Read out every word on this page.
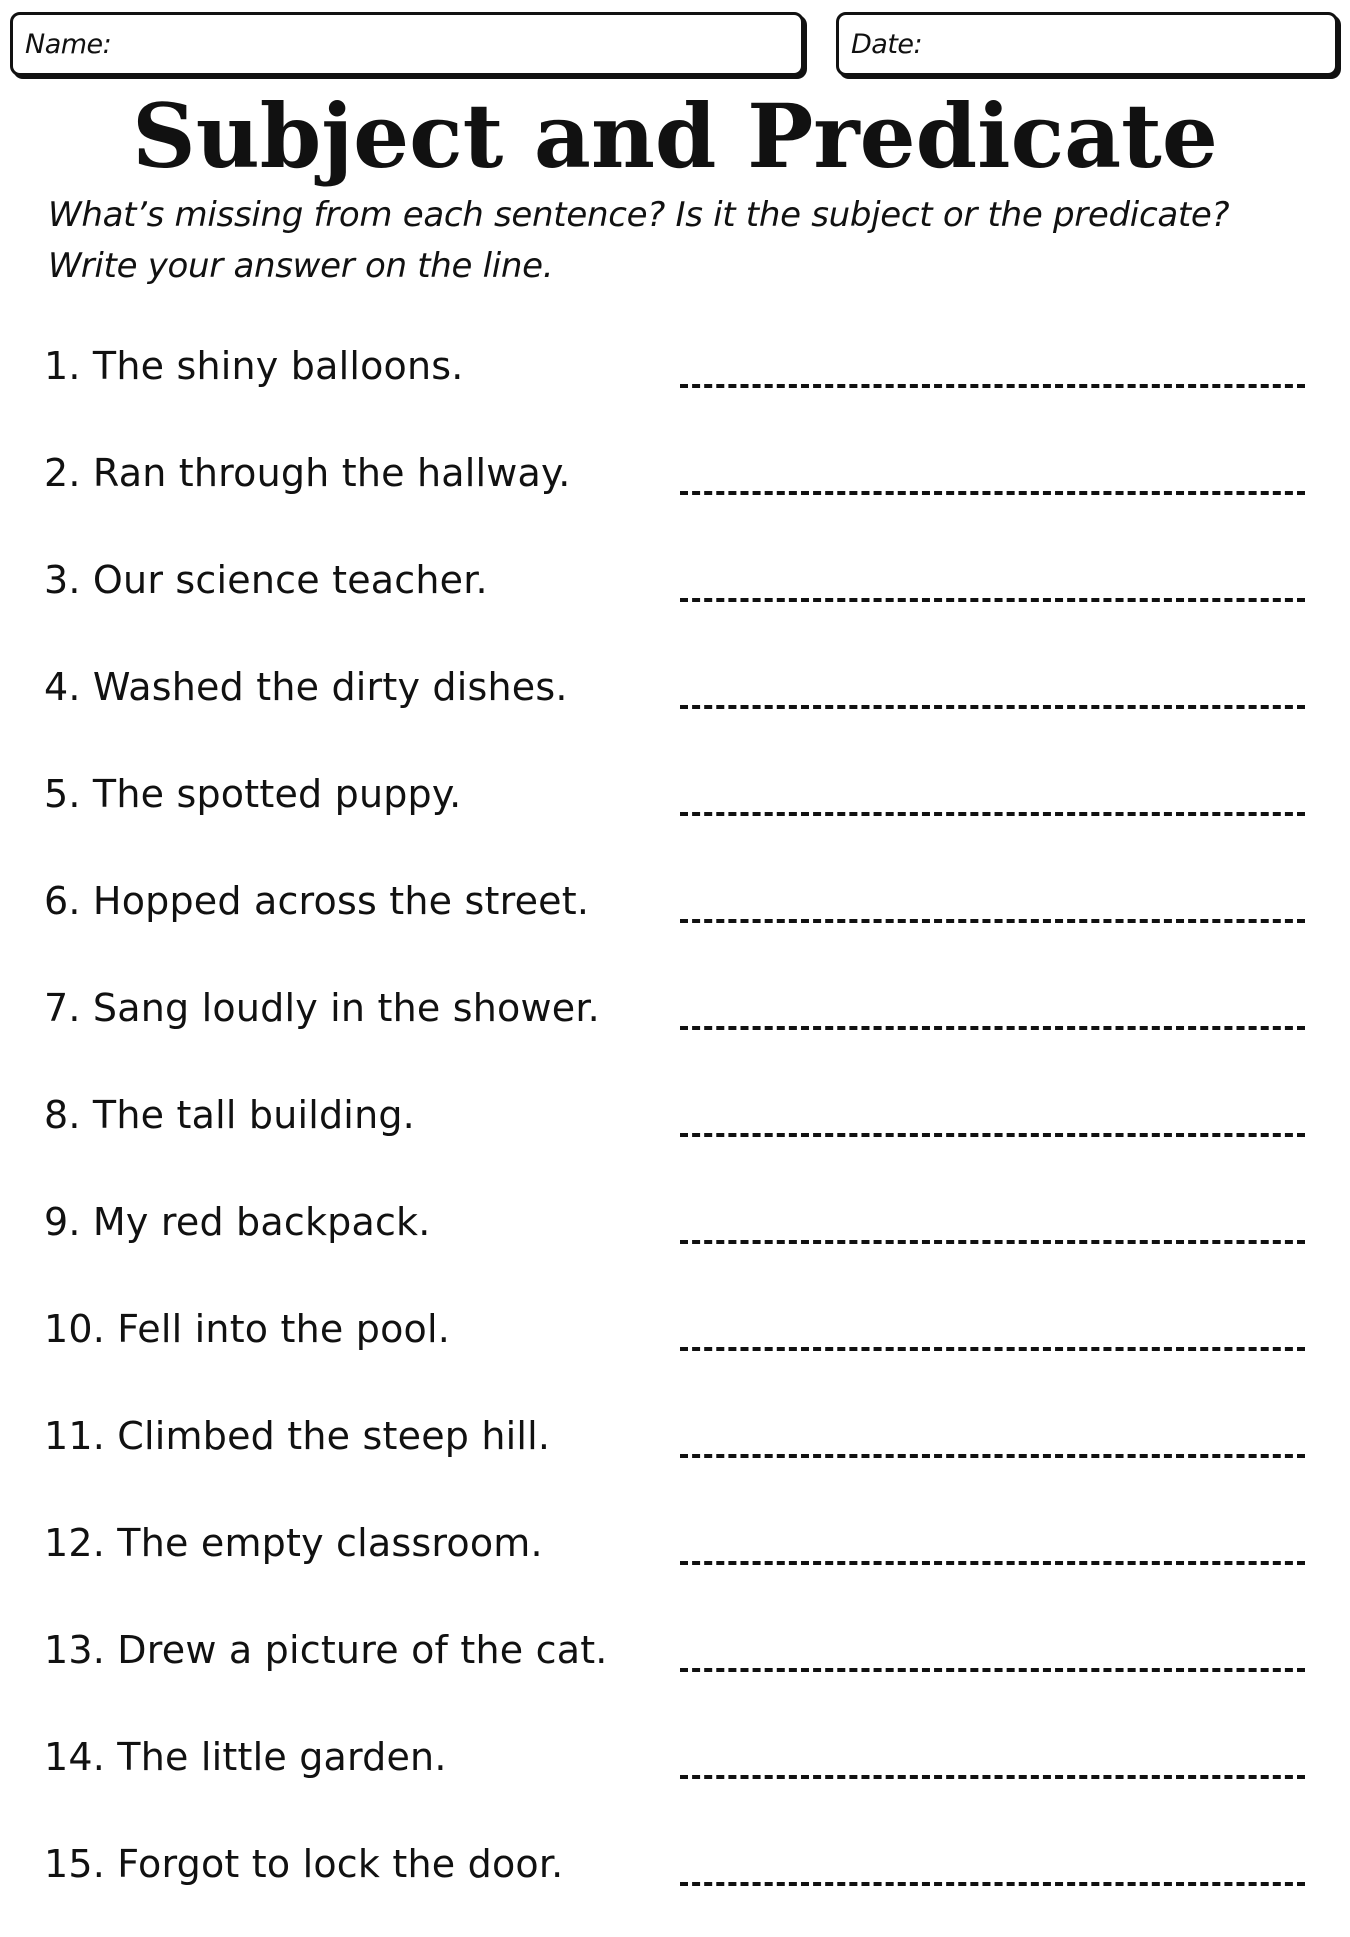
Name:	Date:
Subject and Predicate

What’s missing from each sentence? Is it the subject or the predicate? Write your answer on the line.

1. The shiny balloons.
2. Ran through the hallway.
3. Our science teacher.
4. Washed the dirty dishes.
5. The spotted puppy.
6. Hopped across the street.
7. Sang loudly in the shower.
8. The tall building.
9. My red backpack.
10. Fell into the pool.
11. Climbed the steep hill.
12. The empty classroom.
13. Drew a picture of the cat.
14. The little garden.
15. Forgot to lock the door.
